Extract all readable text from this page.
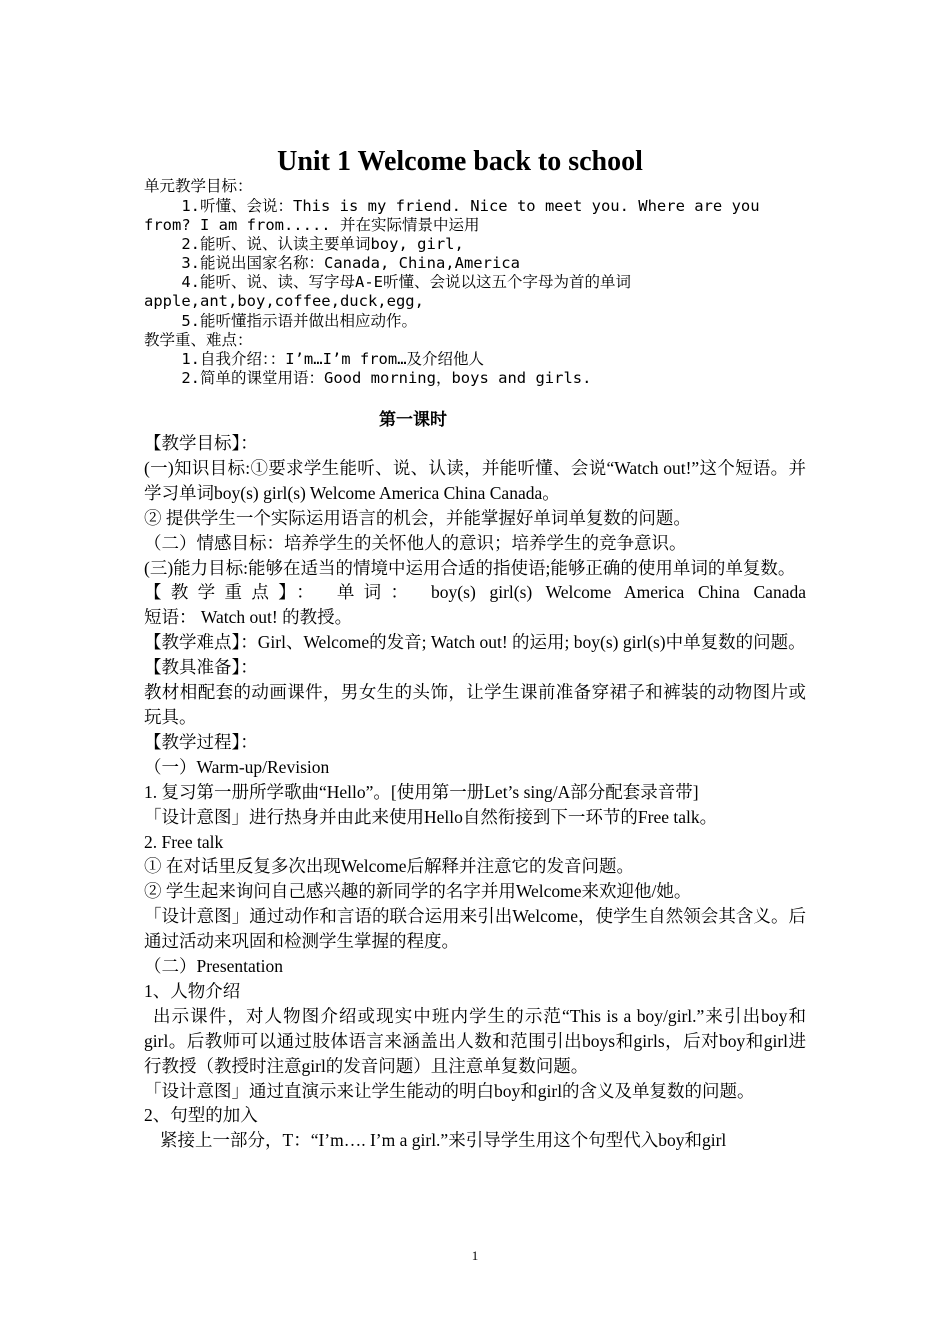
Unit 1 Welcome back to school
单元教学目标：
1.听懂、会说：This is my friend. Nice to meet you. Where are you
from? I am from..... 并在实际情景中运用
2.能听、说、认读主要单词boy, girl,
3.能说出国家名称：Canada, China,America
4.能听、说、读、写字母A-E听懂、会说以这五个字母为首的单词
apple,ant,boy,coffee,duck,egg,
5.能听懂指示语并做出相应动作。
教学重、难点：
1.自我介绍：：I’m…I’m from…及介绍他人
2.简单的课堂用语：Good morning，boys and girls.
第一课时

【教学目标】：

(一)知识目标:①要求学生能听、说、认读，并能听懂、会说“Watch out!”这个短语。并学习单词boy(s) girl(s) Welcome America China Canada。

② 提供学生一个实际运用语言的机会，并能掌握好单词单复数的问题。

（二）情感目标：培养学生的关怀他人的意识；培养学生的竞争意识。

(三)能力目标:能够在适当的情境中运用合适的指使语;能够正确的使用单词的单复数。

【教学重点】： 单词： boy(s) girl(s) Welcome America China Canada

短语： Watch out! 的教授。

【教学难点】：Girl、Welcome的发音; Watch out! 的运用; boy(s) girl(s)中单复数的问题。

【教具准备】：

教材相配套的动画课件，男女生的头饰，让学生课前准备穿裙子和裤装的动物图片或玩具。

【教学过程】：

（一）Warm-up/Revision

1. 复习第一册所学歌曲“Hello”。[使用第一册Let’s sing/A部分配套录音带]

「设计意图」进行热身并由此来使用Hello自然衔接到下一环节的Free talk。

2. Free talk

① 在对话里反复多次出现Welcome后解释并注意它的发音问题。

② 学生起来询问自己感兴趣的新同学的名字并用Welcome来欢迎他/她。

「设计意图」通过动作和言语的联合运用来引出Welcome，使学生自然领会其含义。后通过活动来巩固和检测学生掌握的程度。

（二）Presentation

1、人物介绍

出示课件，对人物图介绍或现实中班内学生的示范“This is a boy/girl.”来引出boy和girl。后教师可以通过肢体语言来涵盖出人数和范围引出boys和girls，后对boy和girl进行教授（教授时注意girl的发音问题）且注意单复数问题。

「设计意图」通过直演示来让学生能动的明白boy和girl的含义及单复数的问题。

2、句型的加入

紧接上一部分，T：“I’m…. I’m a girl.”来引导学生用这个句型代入boy和girl

1
